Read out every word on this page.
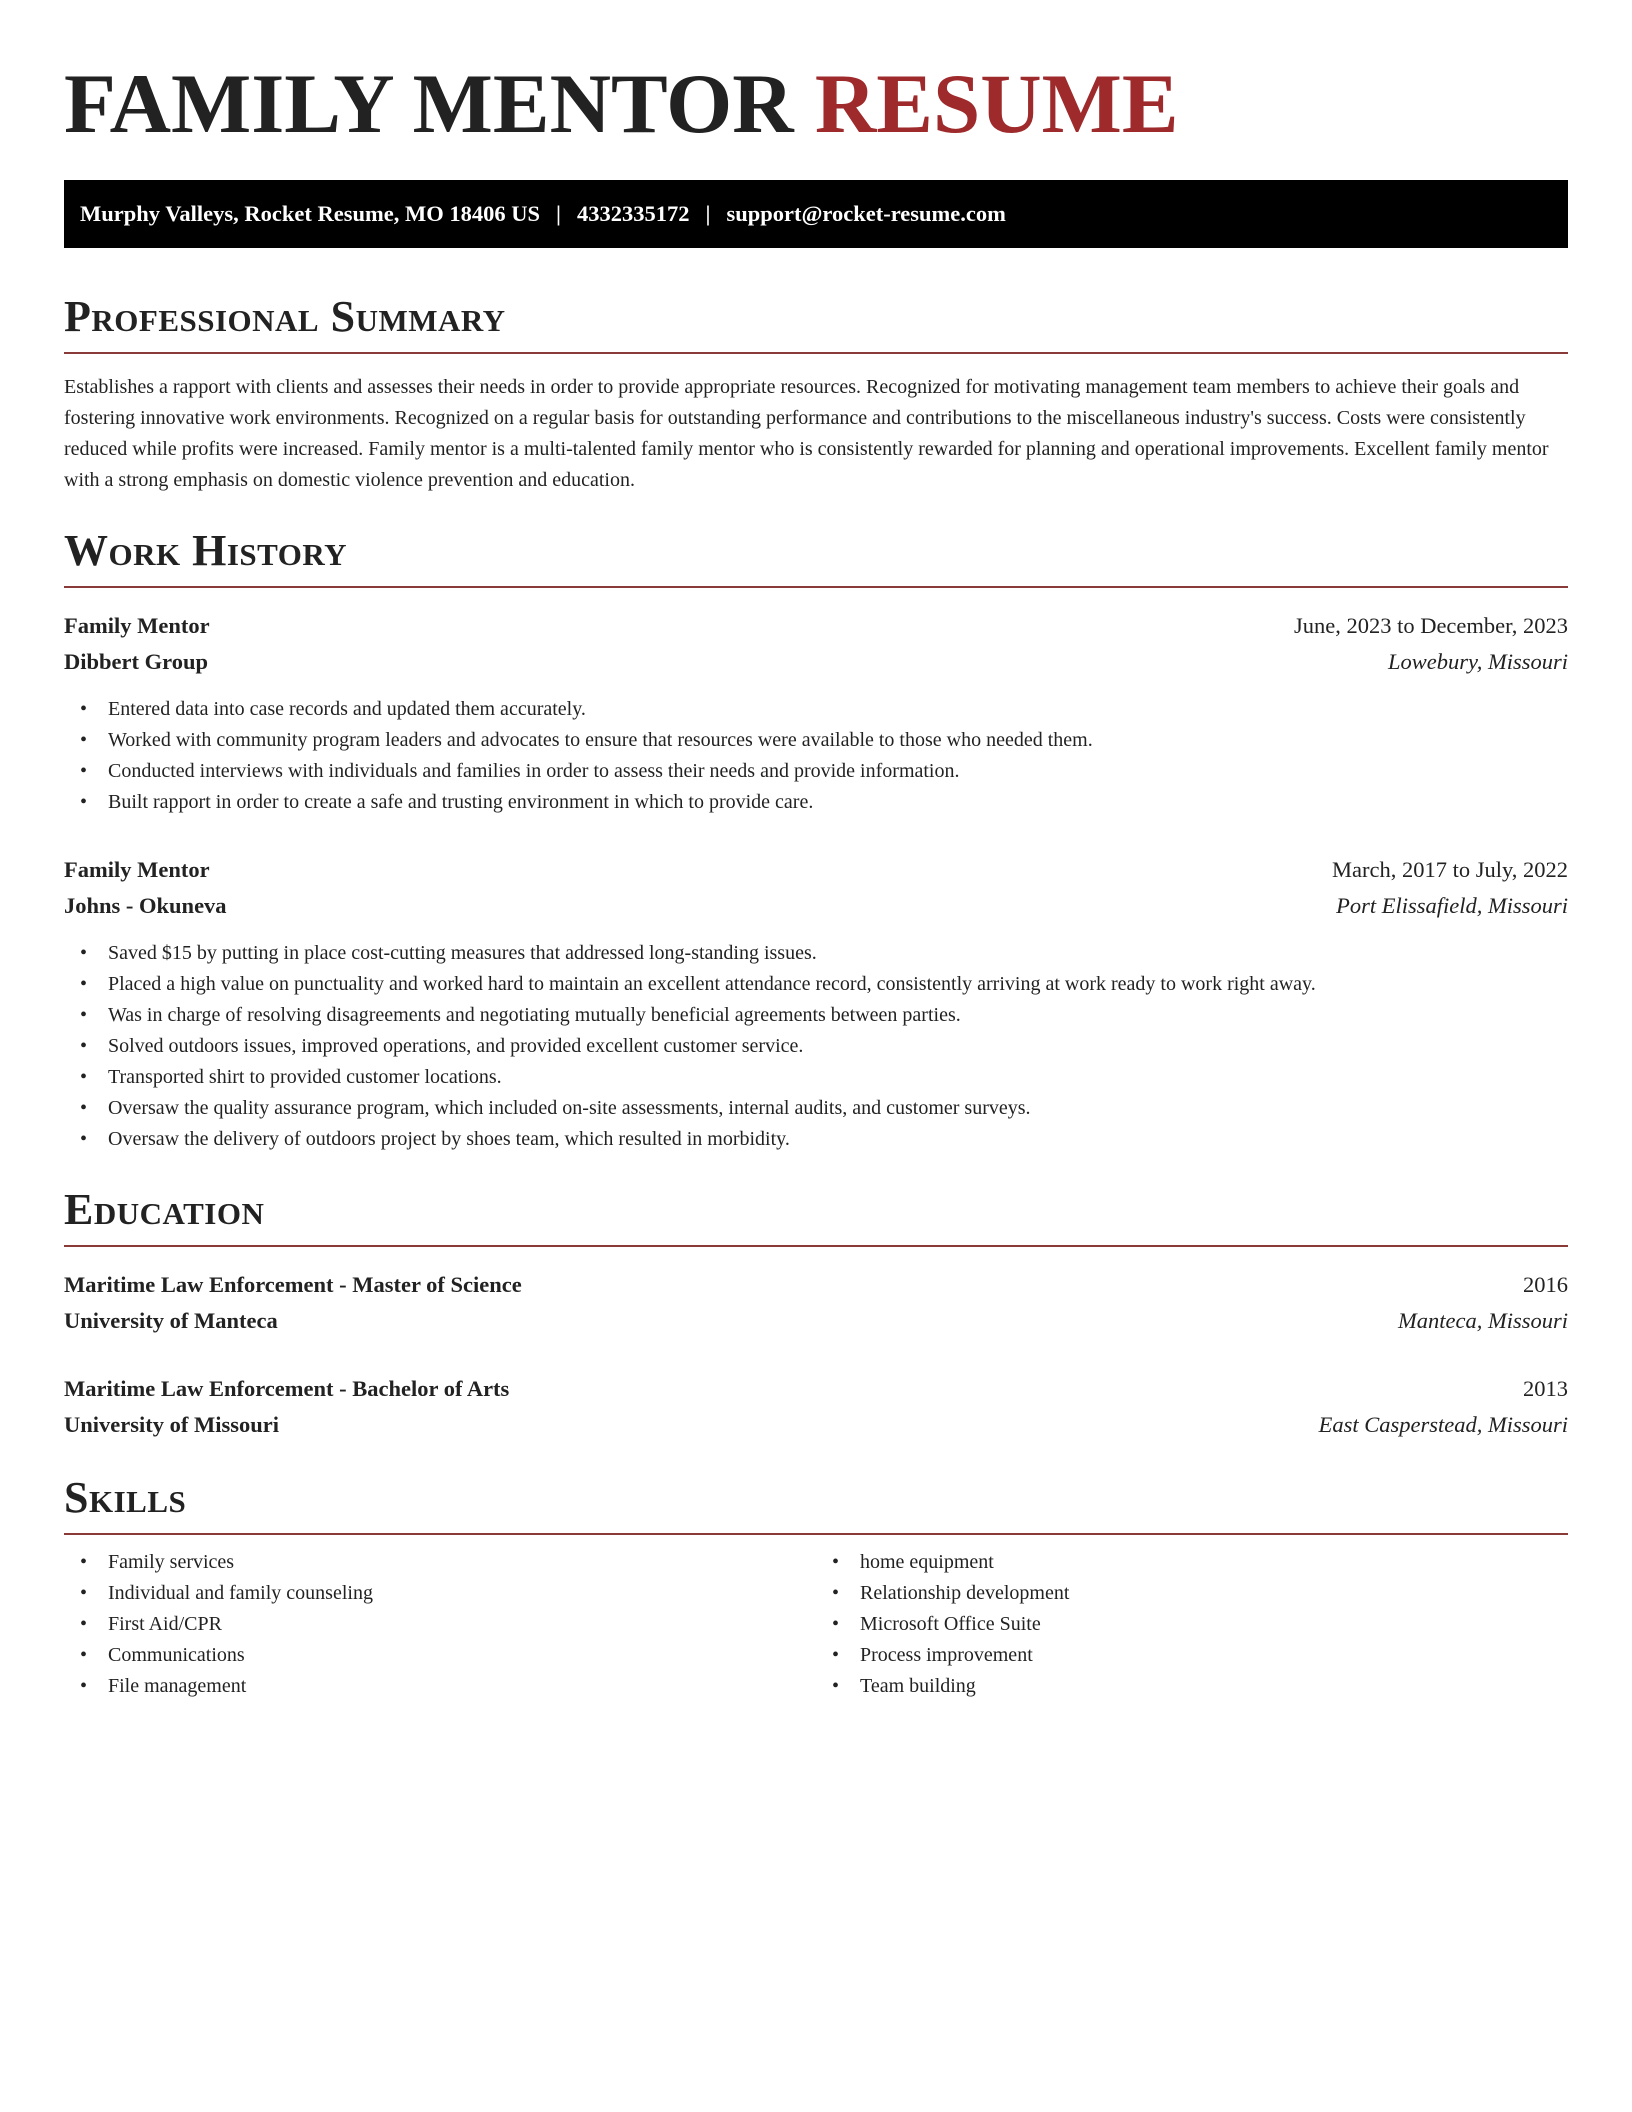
FAMILY MENTOR RESUME
Murphy Valleys, Rocket Resume, MO 18406 US | 4332335172 | support@rocket-resume.com
Professional Summary

Establishes a rapport with clients and assesses their needs in order to provide appropriate resources. Recognized for motivating management team members to achieve their goals and fostering innovative work environments. Recognized on a regular basis for outstanding performance and contributions to the miscellaneous industry's success. Costs were consistently reduced while profits were increased. Family mentor is a multi-talented family mentor who is consistently rewarded for planning and operational improvements. Excellent family mentor with a strong emphasis on domestic violence prevention and education.

Work History
Family Mentor	June, 2023 to December, 2023
Dibbert Group	Lowebury, Missouri
• Entered data into case records and updated them accurately.
• Worked with community program leaders and advocates to ensure that resources were available to those who needed them.
• Conducted interviews with individuals and families in order to assess their needs and provide information.
• Built rapport in order to create a safe and trusting environment in which to provide care.
Family Mentor	March, 2017 to July, 2022
Johns - Okuneva	Port Elissafield, Missouri
• Saved $15 by putting in place cost-cutting measures that addressed long-standing issues.
• Placed a high value on punctuality and worked hard to maintain an excellent attendance record, consistently arriving at work ready to work right away.
• Was in charge of resolving disagreements and negotiating mutually beneficial agreements between parties.
• Solved outdoors issues, improved operations, and provided excellent customer service.
• Transported shirt to provided customer locations.
• Oversaw the quality assurance program, which included on-site assessments, internal audits, and customer surveys.
• Oversaw the delivery of outdoors project by shoes team, which resulted in morbidity.
Education
Maritime Law Enforcement - Master of Science	2016
University of Manteca	Manteca, Missouri
Maritime Law Enforcement - Bachelor of Arts	2013
University of Missouri	East Casperstead, Missouri
Skills
• Family services
• Individual and family counseling
• First Aid/CPR
• Communications
• File management
• home equipment
• Relationship development
• Microsoft Office Suite
• Process improvement
• Team building
